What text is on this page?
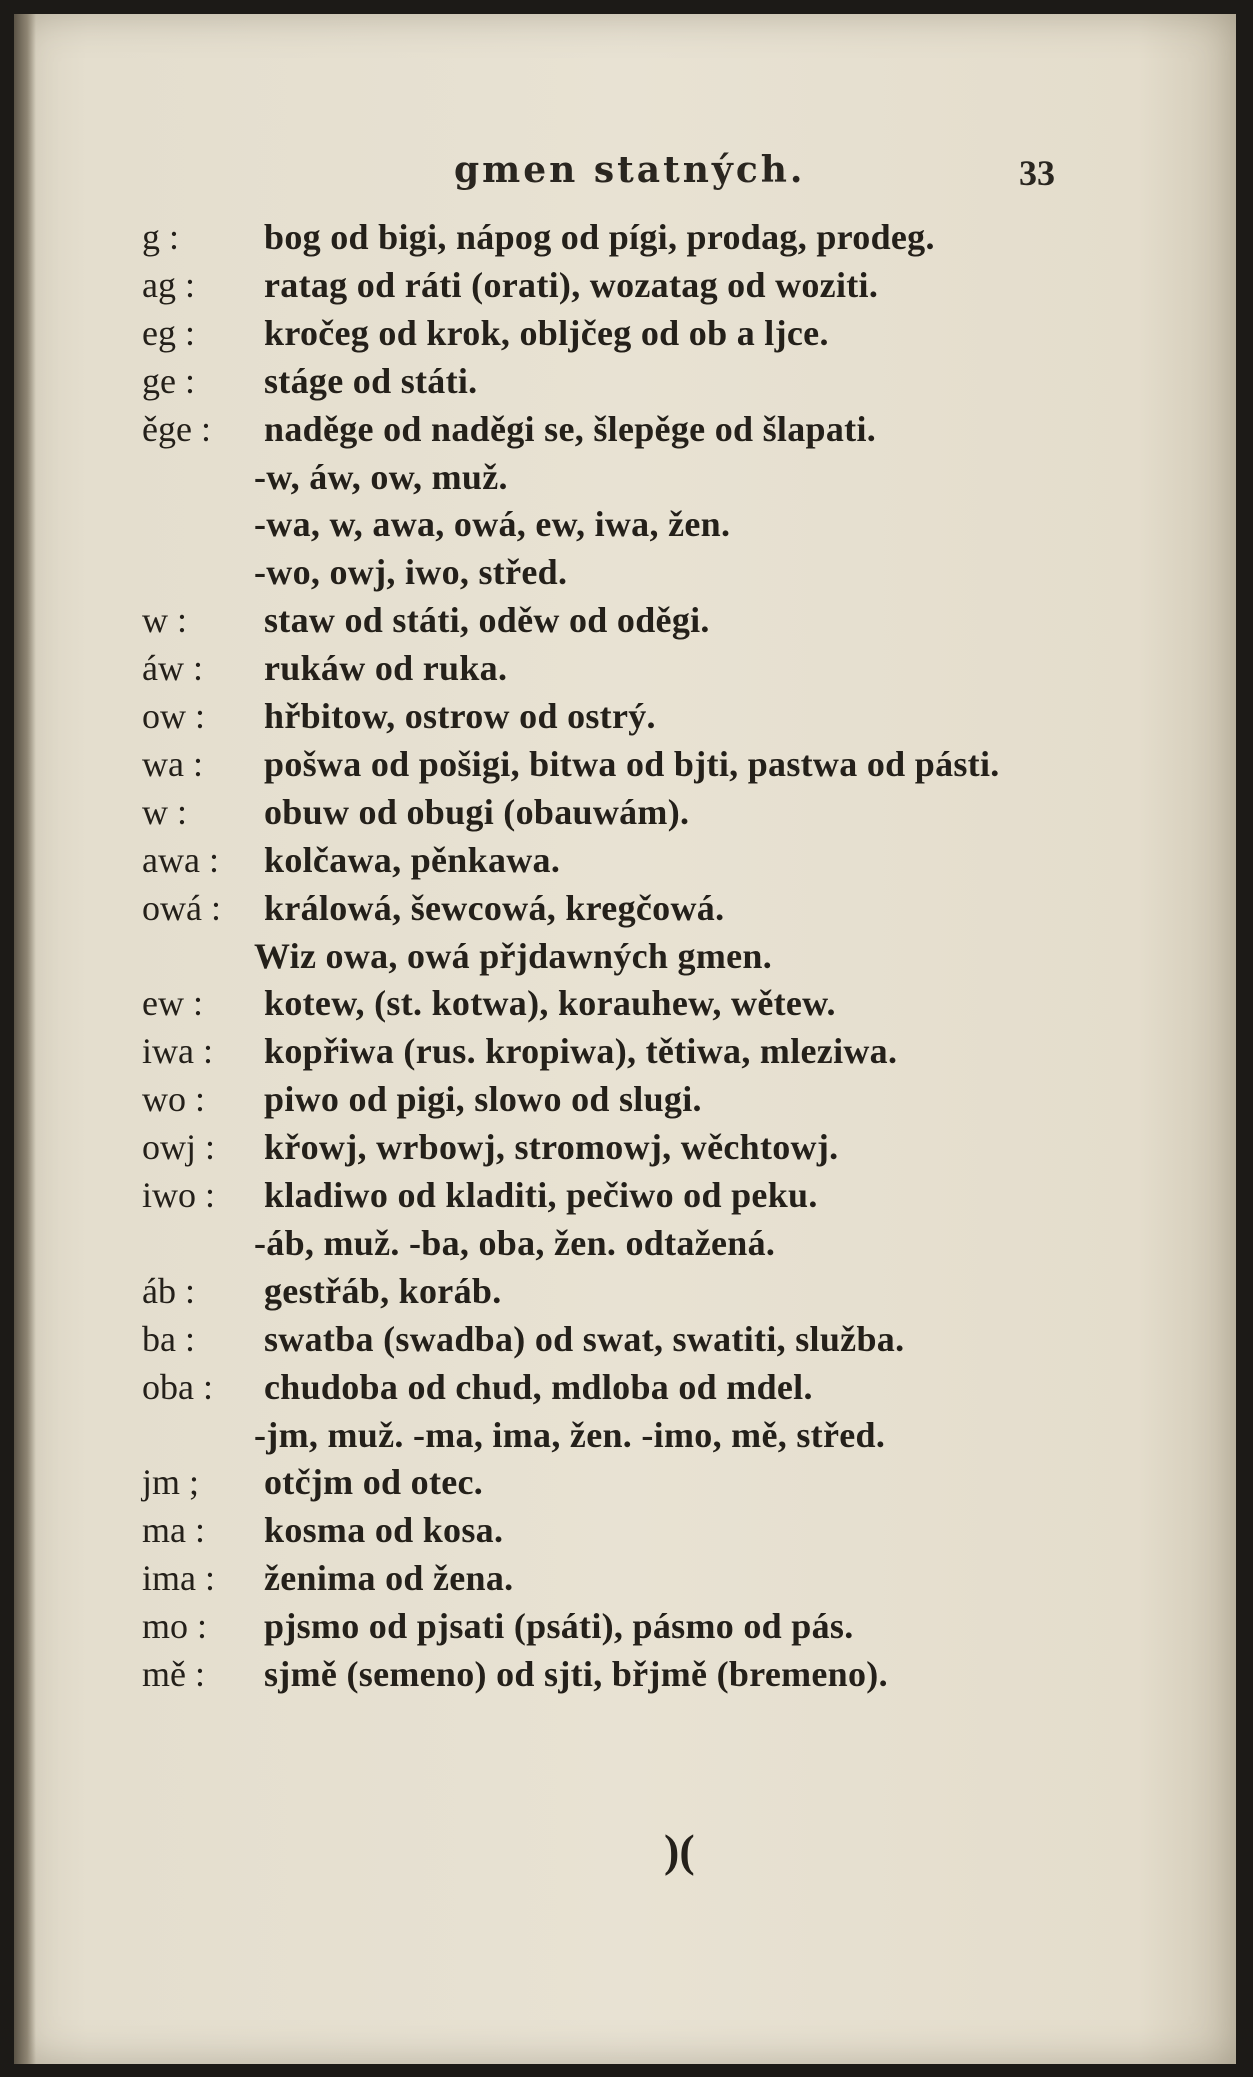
gmen statných.	33
g :	bog od bigi, nápog od pígi, prodag, prodeg.
ag :	ratag od ráti (orati), wozatag od woziti.
eg :	kročeg od krok, obljčeg od ob a ljce.
ge :	stáge od státi.
ěge :	naděge od naděgi se, šlepěge od šlapati.
-w, áw, ow, muž.
-wa, w, awa, owá, ew, iwa, žen.
-wo, owj, iwo, střed.
w :	staw od státi, oděw od oděgi.
áw :	rukáw od ruka.
ow :	hřbitow, ostrow od ostrý.
wa :	pošwa od pošigi, bitwa od bjti, pastwa od pásti.
w :	obuw od obugi (obauwám).
awa :	kolčawa, pěnkawa.
owá :	králowá, šewcowá, kregčowá.
Wiz owa, owá přjdawných gmen.
ew :	kotew, (st. kotwa), korauhew, wětew.
iwa :	kopřiwa (rus. kropiwa), tětiwa, mleziwa.
wo :	piwo od pigi, slowo od slugi.
owj :	křowj, wrbowj, stromowj, wěchtowj.
iwo :	kladiwo od kladiti, pečiwo od peku.
-áb, muž. -ba, oba, žen. odtažená.
áb :	gestřáb, koráb.
ba :	swatba (swadba) od swat, swatiti, služba.
oba :	chudoba od chud, mdloba od mdel.
-jm, muž. -ma, ima, žen. -imo, mě, střed.
jm ;	otčjm od otec.
ma :	kosma od kosa.
ima :	ženima od žena.
mo :	pjsmo od pjsati (psáti), pásmo od pás.
mě :	sjmě (semeno) od sjti, břjmě (bremeno).
)(
